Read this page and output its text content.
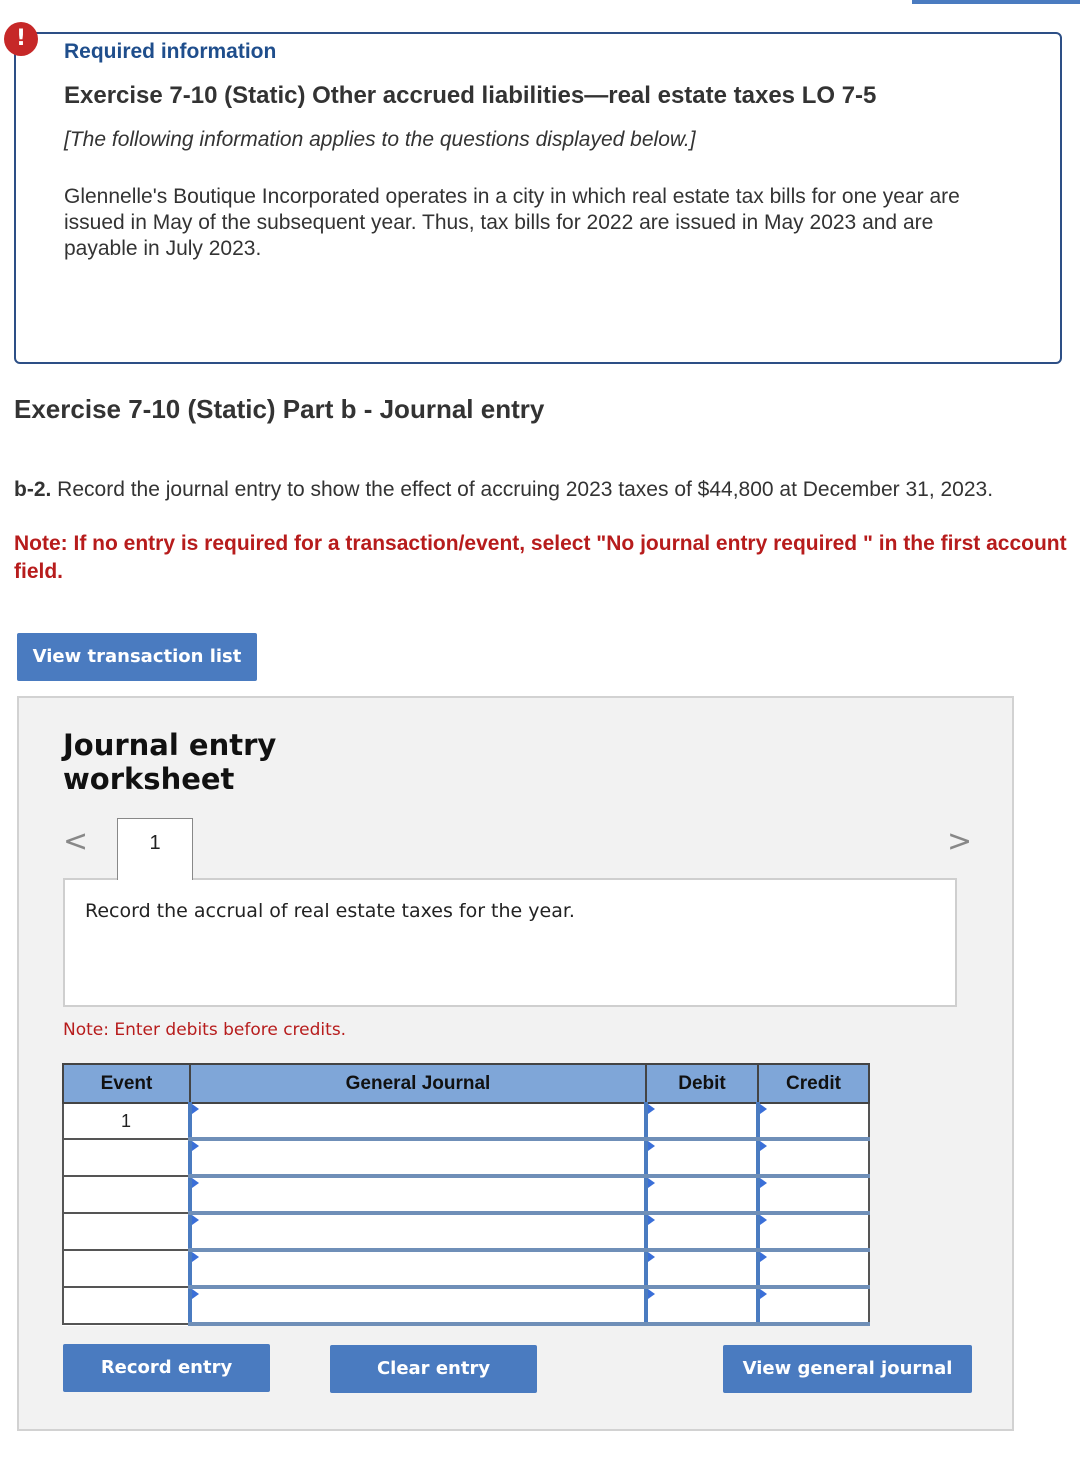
!
Required information
Exercise 7-10 (Static) Other accrued liabilities—real estate taxes LO 7-5
[The following information applies to the questions displayed below.]
Glennelle's Boutique Incorporated operates in a city in which real estate tax bills for one year are issued in May of the subsequent year. Thus, tax bills for 2022 are issued in May 2023 and are payable in July 2023.
Exercise 7-10 (Static) Part b - Journal entry
b-2. Record the journal entry to show the effect of accruing 2023 taxes of $44,800 at December 31, 2023.
Note: If no entry is required for a transaction/event, select "No journal entry required " in the first account field.
View transaction list
Journal entry
worksheet
<	1	>
Record the accrual of real estate taxes for the year.
Note: Enter debits before credits.
Event	General Journal	Debit	Credit
1	

Record entry	Clear entry	View general journal
